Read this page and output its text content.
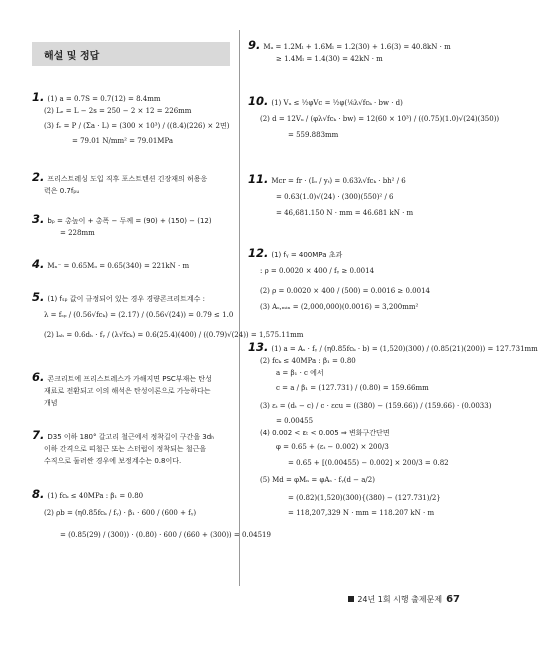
해설 및 정답
1. (1) a = 0.7S = 0.7(12) = 8.4mm
(2) Lₑ = L − 2s = 250 − 2 × 12 = 226mm
(3) fᵥ = P / (Σa · L) = (300 × 10³) / ((8.4)(226) × 2면)
= 79.01 N/mm² = 79.01MPa
2. 프리스트레싱 도입 직후 포스트텐션 긴장재의 허용응
력은 0.7fₚᵤ
3. bₚ = 총높이 + 총폭 − 두께 = (90) + (150) − (12)
= 228mm
4. Mₙ⁻ = 0.65Mₒ = 0.65(340) = 221kN · m
5. (1) fₛₚ 값이 규정되어 있는 경우 경량콘크리트계수 :
λ = fₛₚ / (0.56√fcₖ) = (2.17) / (0.56√(24)) = 0.79 ≤ 1.0
(2) lₐₕ = 0.6dₕ · fᵧ / (λ√fcₖ) = 0.6(25.4)(400) / ((0.79)√(24)) = 1,575.11mm
6. 콘크리트에 프리스트레스가 가해지면 PSC부재는 탄성
재료로 전환되고 이의 해석은 탄성이론으로 가능하다는
개념
7. D35 이하 180° 갈고리 철근에서 정착길이 구간을 3dₕ
이하 간격으로 띠철근 또는 스터럽이 정착되는 철근을
수직으로 둘러싼 경우에 보정계수는 0.8이다.
8. (1) fcₖ ≤ 40MPa : β₁ = 0.80
(2) ρb = (η0.85fcₖ / fᵧ) · β₁ · 600 / (600 + fᵧ)
= (0.85(29) / (300)) · (0.80) · 600 / (660 + (300)) = 0.04519
9. Mᵤ = 1.2Mₗ + 1.6Mₗ = 1.2(30) + 1.6(3) = 40.8kN · m
≥ 1.4Mₗ = 1.4(30) = 42kN · m
10. (1) Vᵤ ≤ ½φVc = ½φ(⅙λ√fcₖ · bw · d)
(2) d = 12Vᵤ / (φλ√fcₖ · bw) = 12(60 × 10³) / ((0.75)(1.0)√(24)(350))
= 559.883mm
11. Mcr = fr · (Iₒ / yₜ) = 0.63λ√fcₖ · bh² / 6
= 0.63(1.0)√(24) · (300)(550)² / 6
= 46,681.150 N · mm = 46.681 kN · m
12. (1) fᵧ = 400MPa 초과
: ρ = 0.0020 × 400 / fᵧ ≥ 0.0014
(2) ρ = 0.0020 × 400 / (500) = 0.0016 ≥ 0.0014
(3) Aₛ,ₘᵢₙ = (2,000,000)(0.0016) = 3,200mm²
13. (1) a = Aₛ · fᵧ / (η0.85fcₖ · b) = (1,520)(300) / (0.85(21)(200)) = 127.731mm
(2) fcₖ ≤ 40MPa : β₁ = 0.80
a = β₁ · c 에서
c = a / β₁ = (127.731) / (0.80) = 159.66mm
(3) εₜ = (dₜ − c) / c · εcu = ((380) − (159.66)) / (159.66) · (0.0033)
= 0.00455
(4) 0.002 < εₜ < 0.005 ⇒ 변화구간단면
φ = 0.65 + (εₜ − 0.002) × 200/3
= 0.65 + [(0.00455) − 0.002] × 200/3 = 0.82
(5) Md = φMₙ = φAₛ · fᵧ(d − a/2)
= (0.82)(1,520)(300){(380) − (127.731)/2}
= 118,207,329 N · mm = 118.207 kN · m
24년 1회 시행 출제문제 67
